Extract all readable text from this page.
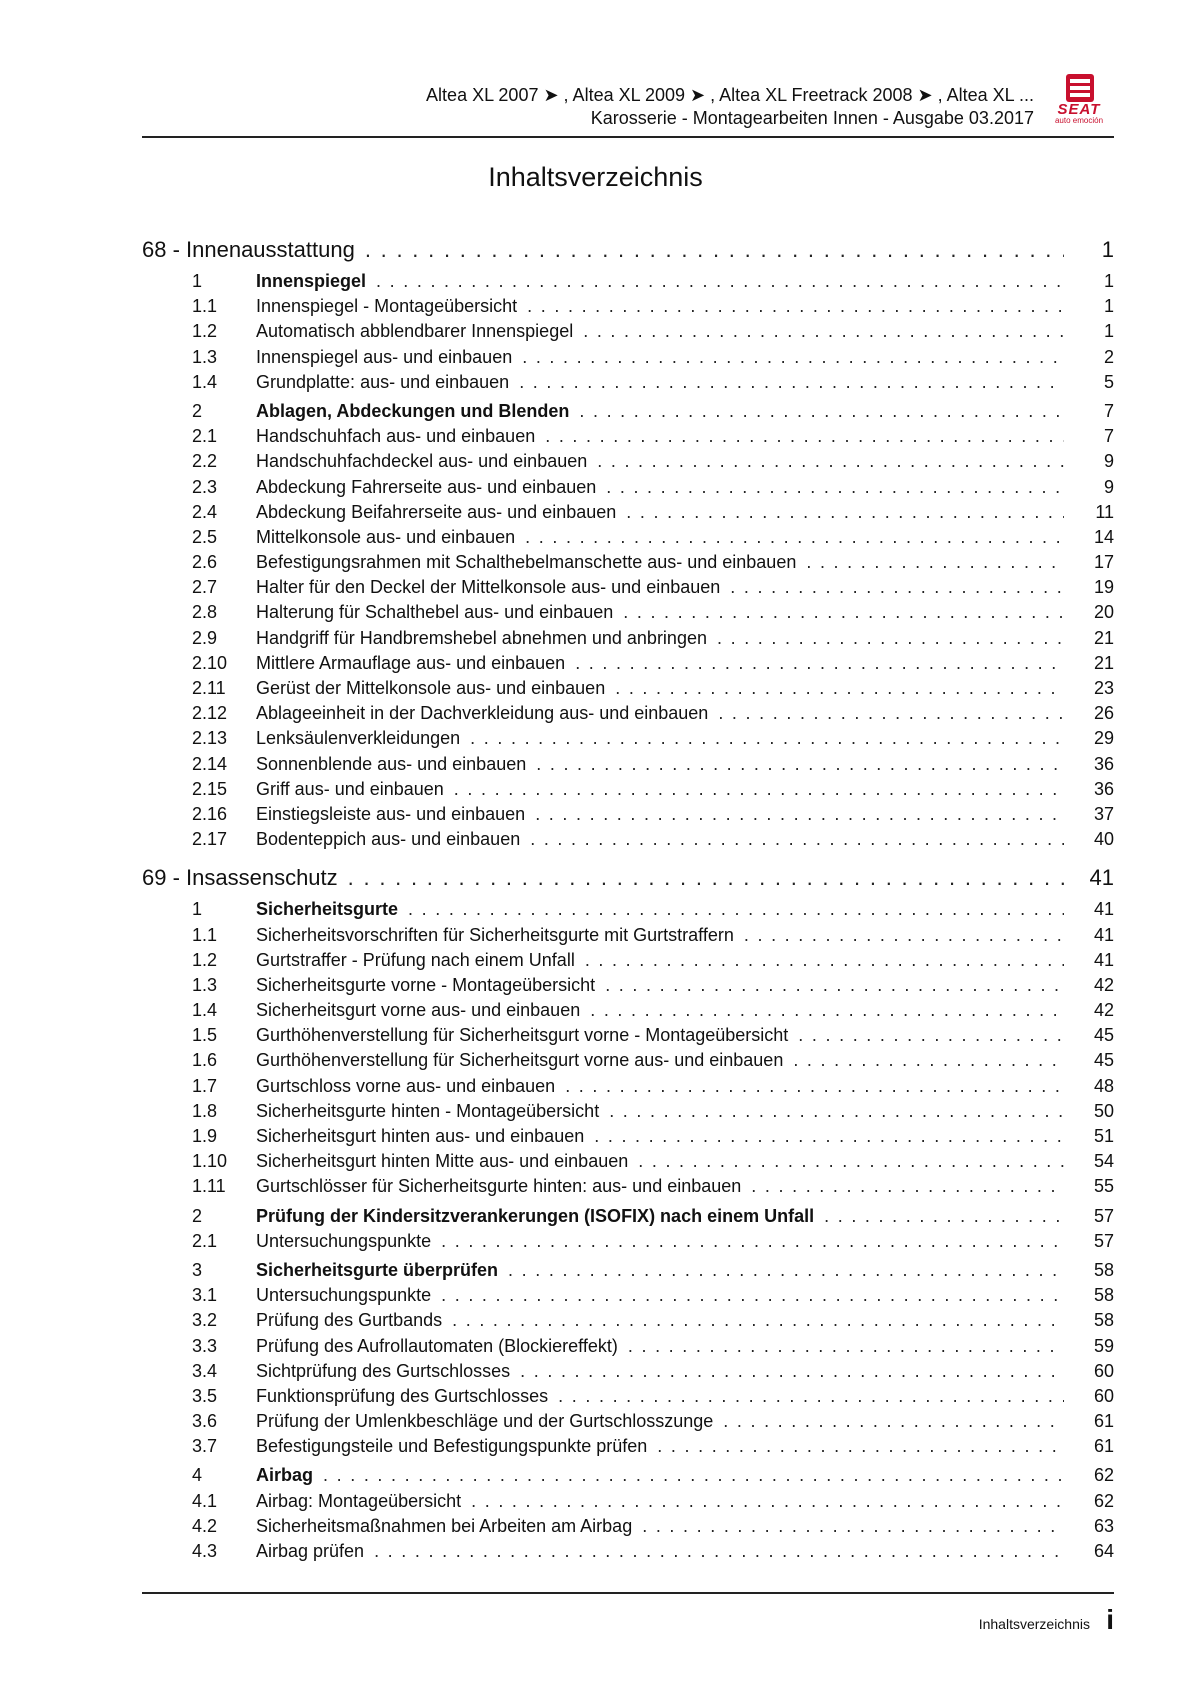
Altea XL 2007 ➤ , Altea XL 2009 ➤ , Altea XL Freetrack 2008 ➤ , Altea XL ...
Karosserie - Montagearbeiten Innen - Ausgabe 03.2017	SEAT
auto emoción
Inhaltsverzeichnis
68 - Innenausstattung . . .	1
1	Innenspiegel . . .	1
1.1	Innenspiegel - Montageübersicht . . .	1
1.2	Automatisch abblendbarer Innenspiegel . . .	1
1.3	Innenspiegel aus- und einbauen . . .	2
1.4	Grundplatte: aus- und einbauen . . .	5
2	Ablagen, Abdeckungen und Blenden . . .	7
2.1	Handschuhfach aus- und einbauen . . .	7
2.2	Handschuhfachdeckel aus- und einbauen . . .	9
2.3	Abdeckung Fahrerseite aus- und einbauen . . .	9
2.4	Abdeckung Beifahrerseite aus- und einbauen . . .	11
2.5	Mittelkonsole aus- und einbauen . . .	14
2.6	Befestigungsrahmen mit Schalthebelmanschette aus- und einbauen . . .	17
2.7	Halter für den Deckel der Mittelkonsole aus- und einbauen . . .	19
2.8	Halterung für Schalthebel aus- und einbauen . . .	20
2.9	Handgriff für Handbremshebel abnehmen und anbringen . . .	21
2.10	Mittlere Armauflage aus- und einbauen . . .	21
2.11	Gerüst der Mittelkonsole aus- und einbauen . . .	23
2.12	Ablageeinheit in der Dachverkleidung aus- und einbauen . . .	26
2.13	Lenksäulenverkleidungen . . .	29
2.14	Sonnenblende aus- und einbauen . . .	36
2.15	Griff aus- und einbauen . . .	36
2.16	Einstiegsleiste aus- und einbauen . . .	37
2.17	Bodenteppich aus- und einbauen . . .	40
69 - Insassenschutz . . .	41
1	Sicherheitsgurte . . .	41
1.1	Sicherheitsvorschriften für Sicherheitsgurte mit Gurtstraffern . . .	41
1.2	Gurtstraffer - Prüfung nach einem Unfall . . .	41
1.3	Sicherheitsgurte vorne - Montageübersicht . . .	42
1.4	Sicherheitsgurt vorne aus- und einbauen . . .	42
1.5	Gurthöhenverstellung für Sicherheitsgurt vorne - Montageübersicht . . .	45
1.6	Gurthöhenverstellung für Sicherheitsgurt vorne aus- und einbauen . . .	45
1.7	Gurtschloss vorne aus- und einbauen . . .	48
1.8	Sicherheitsgurte hinten - Montageübersicht . . .	50
1.9	Sicherheitsgurt hinten aus- und einbauen . . .	51
1.10	Sicherheitsgurt hinten Mitte aus- und einbauen . . .	54
1.11	Gurtschlösser für Sicherheitsgurte hinten: aus- und einbauen . . .	55
2	Prüfung der Kindersitzverankerungen (ISOFIX) nach einem Unfall . . .	57
2.1	Untersuchungspunkte . . .	57
3	Sicherheitsgurte überprüfen . . .	58
3.1	Untersuchungspunkte . . .	58
3.2	Prüfung des Gurtbands . . .	58
3.3	Prüfung des Aufrollautomaten (Blockiereffekt) . . .	59
3.4	Sichtprüfung des Gurtschlosses . . .	60
3.5	Funktionsprüfung des Gurtschlosses . . .	60
3.6	Prüfung der Umlenkbeschläge und der Gurtschlosszunge . . .	61
3.7	Befestigungsteile und Befestigungspunkte prüfen . . .	61
4	Airbag . . .	62
4.1	Airbag: Montageübersicht . . .	62
4.2	Sicherheitsmaßnahmen bei Arbeiten am Airbag . . .	63
4.3	Airbag prüfen . . .	64
Inhaltsverzeichnis i
